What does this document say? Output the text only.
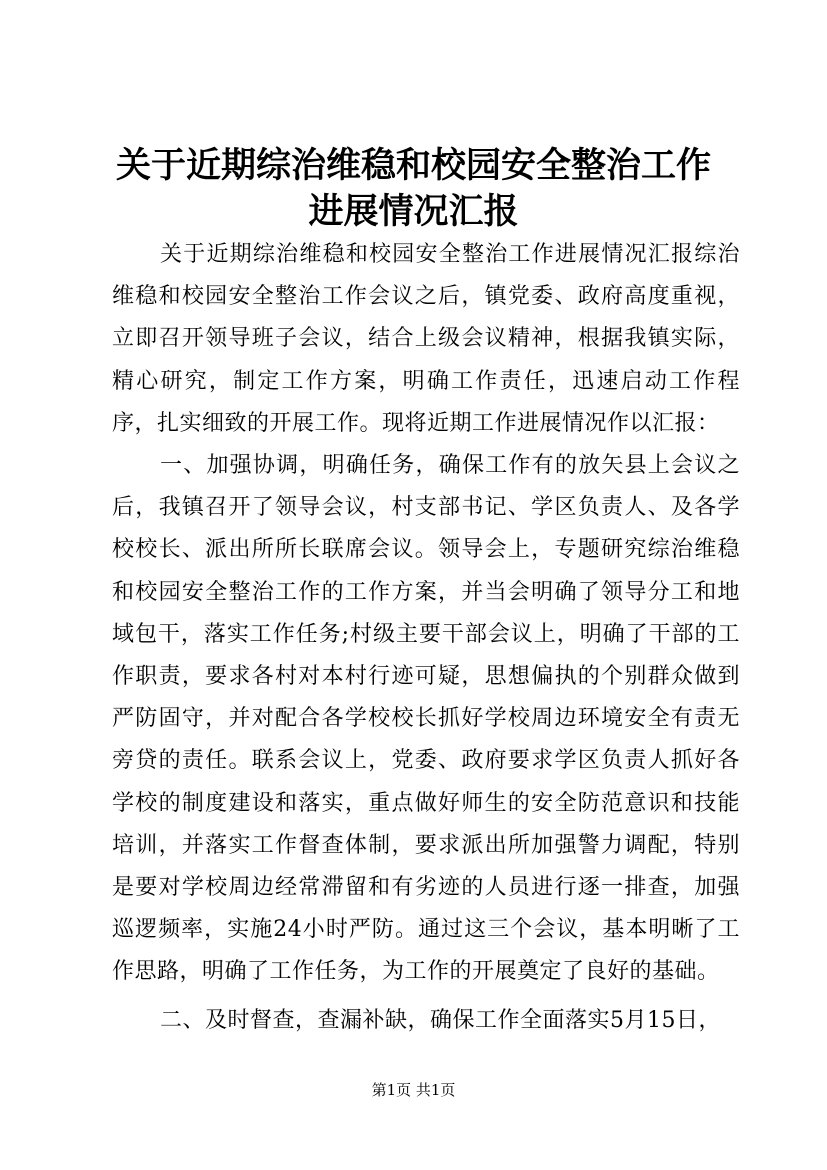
关于近期综治维稳和校园安全整治工作进展情况汇报

关于近期综治维稳和校园安全整治工作进展情况汇报综治维稳和校园安全整治工作会议之后，镇党委、政府高度重视，立即召开领导班子会议，结合上级会议精神，根据我镇实际，精心研究，制定工作方案，明确工作责任，迅速启动工作程序，扎实细致的开展工作。现将近期工作进展情况作以汇报：

一、加强协调，明确任务，确保工作有的放矢县上会议之后，我镇召开了领导会议，村支部书记、学区负责人、及各学校校长、派出所所长联席会议。领导会上，专题研究综治维稳和校园安全整治工作的工作方案，并当会明确了领导分工和地域包干，落实工作任务;村级主要干部会议上，明确了干部的工作职责，要求各村对本村行迹可疑，思想偏执的个别群众做到严防固守，并对配合各学校校长抓好学校周边环境安全有责无旁贷的责任。联系会议上，党委、政府要求学区负责人抓好各学校的制度建设和落实，重点做好师生的安全防范意识和技能培训，并落实工作督查体制，要求派出所加强警力调配，特别是要对学校周边经常滞留和有劣迹的人员进行逐一排查，加强巡逻频率，实施24小时严防。通过这三个会议，基本明晰了工作思路，明确了工作任务，为工作的开展奠定了良好的基础。

二、及时督查，查漏补缺，确保工作全面落实5月15日，

第1页 共1页
